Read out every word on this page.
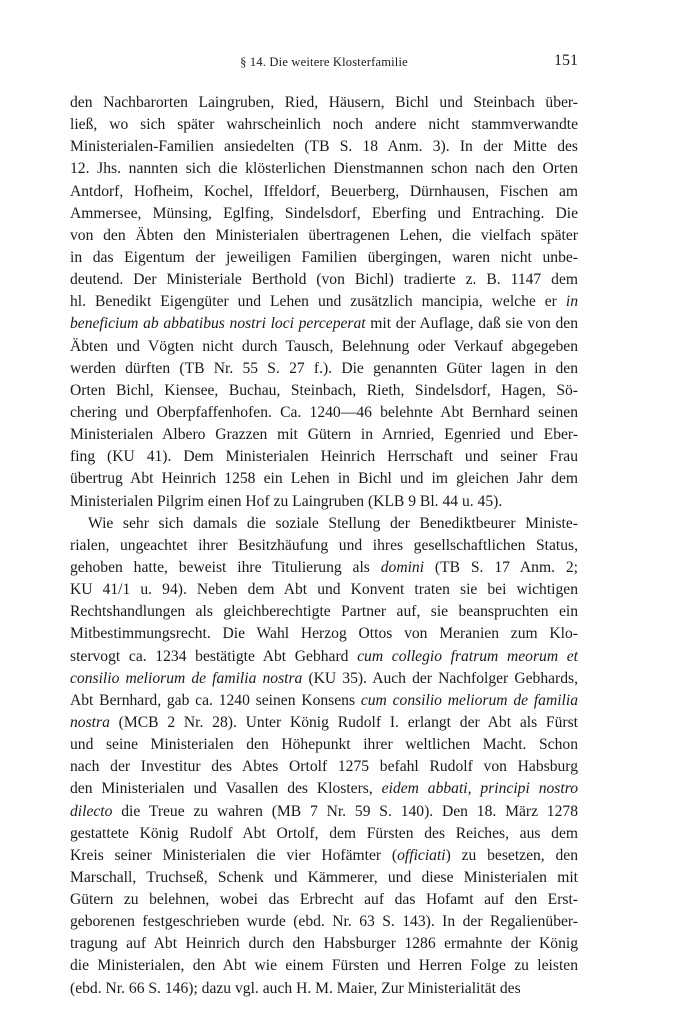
§ 14. Die weitere Klosterfamilie	151
den Nachbarorten Laingruben, Ried, Häusern, Bichl und Steinbach über-
ließ, wo sich später wahrscheinlich noch andere nicht stammverwandte
Ministerialen-Familien ansiedelten (TB S. 18 Anm. 3). In der Mitte des
12. Jhs. nannten sich die klösterlichen Dienstmannen schon nach den Orten
Antdorf, Hofheim, Kochel, Iffeldorf, Beuerberg, Dürnhausen, Fischen am
Ammersee, Münsing, Eglfing, Sindelsdorf, Eberfing und Entraching. Die
von den Äbten den Ministerialen übertragenen Lehen, die vielfach später
in das Eigentum der jeweiligen Familien übergingen, waren nicht unbe-
deutend. Der Ministeriale Berthold (von Bichl) tradierte z. B. 1147 dem
hl. Benedikt Eigengüter und Lehen und zusätzlich mancipia, welche er in
beneficium ab abbatibus nostri loci perceperat mit der Auflage, daß sie von den
Äbten und Vögten nicht durch Tausch, Belehnung oder Verkauf abgegeben
werden dürften (TB Nr. 55 S. 27 f.). Die genannten Güter lagen in den
Orten Bichl, Kiensee, Buchau, Steinbach, Rieth, Sindelsdorf, Hagen, Sö-
chering und Oberpfaffenhofen. Ca. 1240—46 belehnte Abt Bernhard seinen
Ministerialen Albero Grazzen mit Gütern in Arnried, Egenried und Eber-
fing (KU 41). Dem Ministerialen Heinrich Herrschaft und seiner Frau
übertrug Abt Heinrich 1258 ein Lehen in Bichl und im gleichen Jahr dem
Ministerialen Pilgrim einen Hof zu Laingruben (KLB 9 Bl. 44 u. 45).
Wie sehr sich damals die soziale Stellung der Benediktbeurer Ministe-
rialen, ungeachtet ihrer Besitzhäufung und ihres gesellschaftlichen Status,
gehoben hatte, beweist ihre Titulierung als domini (TB S. 17 Anm. 2;
KU 41/1 u. 94). Neben dem Abt und Konvent traten sie bei wichtigen
Rechtshandlungen als gleichberechtigte Partner auf, sie beanspruchten ein
Mitbestimmungsrecht. Die Wahl Herzog Ottos von Meranien zum Klo-
stervogt ca. 1234 bestätigte Abt Gebhard cum collegio fratrum meorum et
consilio meliorum de familia nostra (KU 35). Auch der Nachfolger Gebhards,
Abt Bernhard, gab ca. 1240 seinen Konsens cum consilio meliorum de familia
nostra (MCB 2 Nr. 28). Unter König Rudolf I. erlangt der Abt als Fürst
und seine Ministerialen den Höhepunkt ihrer weltlichen Macht. Schon
nach der Investitur des Abtes Ortolf 1275 befahl Rudolf von Habsburg
den Ministerialen und Vasallen des Klosters, eidem abbati, principi nostro
dilecto die Treue zu wahren (MB 7 Nr. 59 S. 140). Den 18. März 1278
gestattete König Rudolf Abt Ortolf, dem Fürsten des Reiches, aus dem
Kreis seiner Ministerialen die vier Hofämter (officiati) zu besetzen, den
Marschall, Truchseß, Schenk und Kämmerer, und diese Ministerialen mit
Gütern zu belehnen, wobei das Erbrecht auf das Hofamt auf den Erst-
geborenen festgeschrieben wurde (ebd. Nr. 63 S. 143). In der Regalienüber-
tragung auf Abt Heinrich durch den Habsburger 1286 ermahnte der König
die Ministerialen, den Abt wie einem Fürsten und Herren Folge zu leisten
(ebd. Nr. 66 S. 146); dazu vgl. auch H. M. Maier, Zur Ministerialität des
